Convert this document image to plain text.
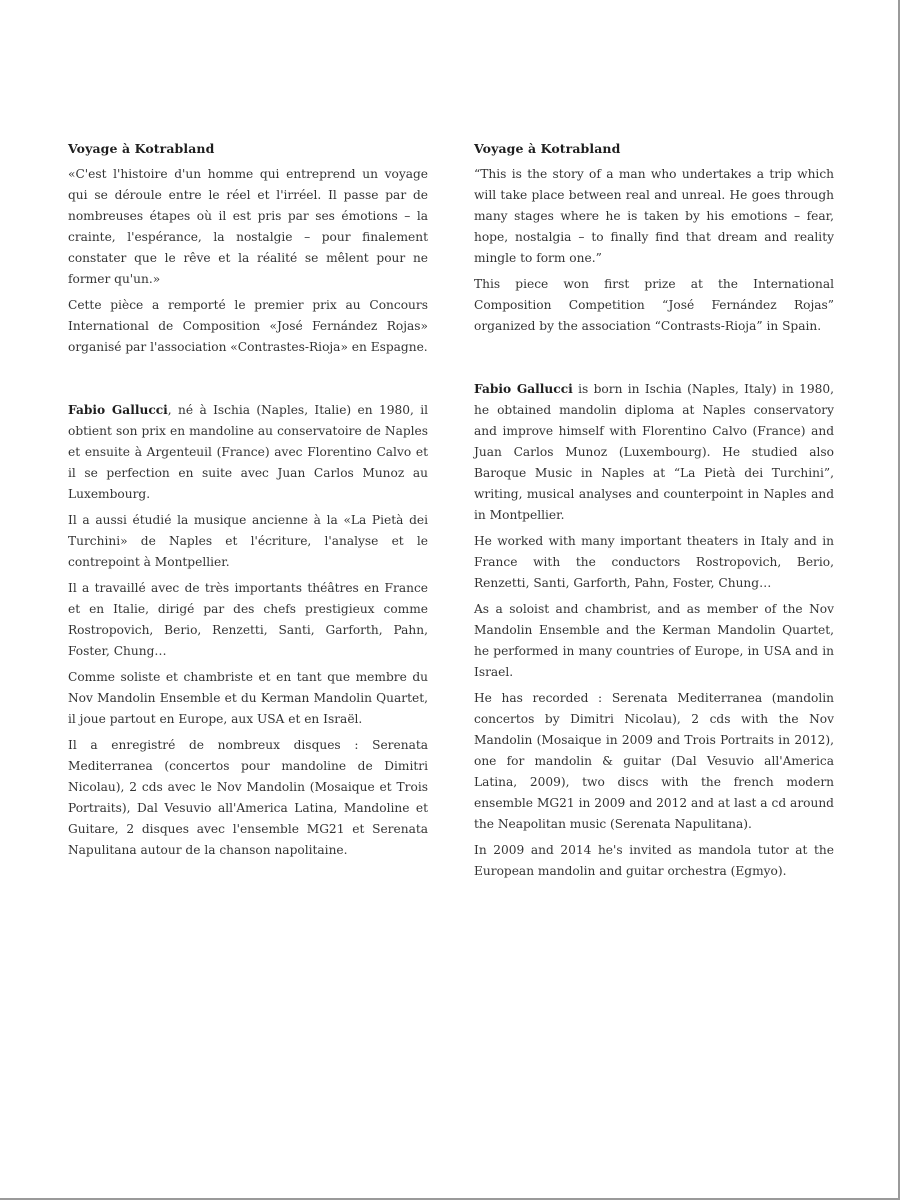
Voyage à Kotrabland

«C'est l'histoire d'un homme qui entreprend un voyage qui se déroule entre le réel et l'irréel. Il passe par de nombreuses étapes où il est pris par ses émotions – la crainte, l'espérance, la nostalgie – pour finalement constater que le rêve et la réalité se mêlent pour ne former qu'un.»

Cette pièce a remporté le premier prix au Concours International de Composition «José Fernández Rojas» organisé par l'association «Contrastes-Rioja» en Espagne.

Fabio Gallucci, né à Ischia (Naples, Italie) en 1980, il obtient son prix en mandoline au conservatoire de Naples et ensuite à Argenteuil (France) avec Florentino Calvo et il se perfection en suite avec Juan Carlos Munoz au Luxembourg.

Il a aussi étudié la musique ancienne à la «La Pietà dei Turchini» de Naples et l'écriture, l'analyse et le contrepoint à Montpellier.

Il a travaillé avec de très importants théâtres en France et en Italie, dirigé par des chefs prestigieux comme Rostropovich, Berio, Renzetti, Santi, Garforth, Pahn, Foster, Chung…

Comme soliste et chambriste et en tant que membre du Nov Mandolin Ensemble et du Kerman Mandolin Quartet, il joue partout en Europe, aux USA et en Israël.

Il a enregistré de nombreux disques : Serenata Mediterranea (concertos pour mandoline de Dimitri Nicolau), 2 cds avec le Nov Mandolin (Mosaique et Trois Portraits), Dal Vesuvio all'America Latina, Mandoline et Guitare, 2 disques avec l'ensemble MG21 et Serenata Napulitana autour de la chanson napolitaine.

Voyage à Kotrabland

“This is the story of a man who undertakes a trip which will take place between real and unreal. He goes through many stages where he is taken by his emotions – fear, hope, nostalgia – to finally find that dream and reality mingle to form one.”

This piece won first prize at the International Composition Competition “José Fernández Rojas” organized by the association “Contrasts-Rioja” in Spain.

Fabio Gallucci is born in Ischia (Naples, Italy) in 1980, he obtained mandolin diploma at Naples conservatory and improve himself with Florentino Calvo (France) and Juan Carlos Munoz (Luxembourg). He studied also Baroque Music in Naples at “La Pietà dei Turchini”, writing, musical analyses and counterpoint in Naples and in Montpellier.

He worked with many important theaters in Italy and in France with the conductors Rostropovich, Berio, Renzetti, Santi, Garforth, Pahn, Foster, Chung…

As a soloist and chambrist, and as member of the Nov Mandolin Ensemble and the Kerman Mandolin Quartet, he performed in many countries of Europe, in USA and in Israel.

He has recorded : Serenata Mediterranea (mandolin concertos by Dimitri Nicolau), 2 cds with the Nov Mandolin (Mosaique in 2009 and Trois Portraits in 2012), one for mandolin & guitar (Dal Vesuvio all'America Latina, 2009), two discs with the french modern ensemble MG21 in 2009 and 2012 and at last a cd around the Neapolitan music (Serenata Napulitana).

In 2009 and 2014 he's invited as mandola tutor at the European mandolin and guitar orchestra (Egmyo).
